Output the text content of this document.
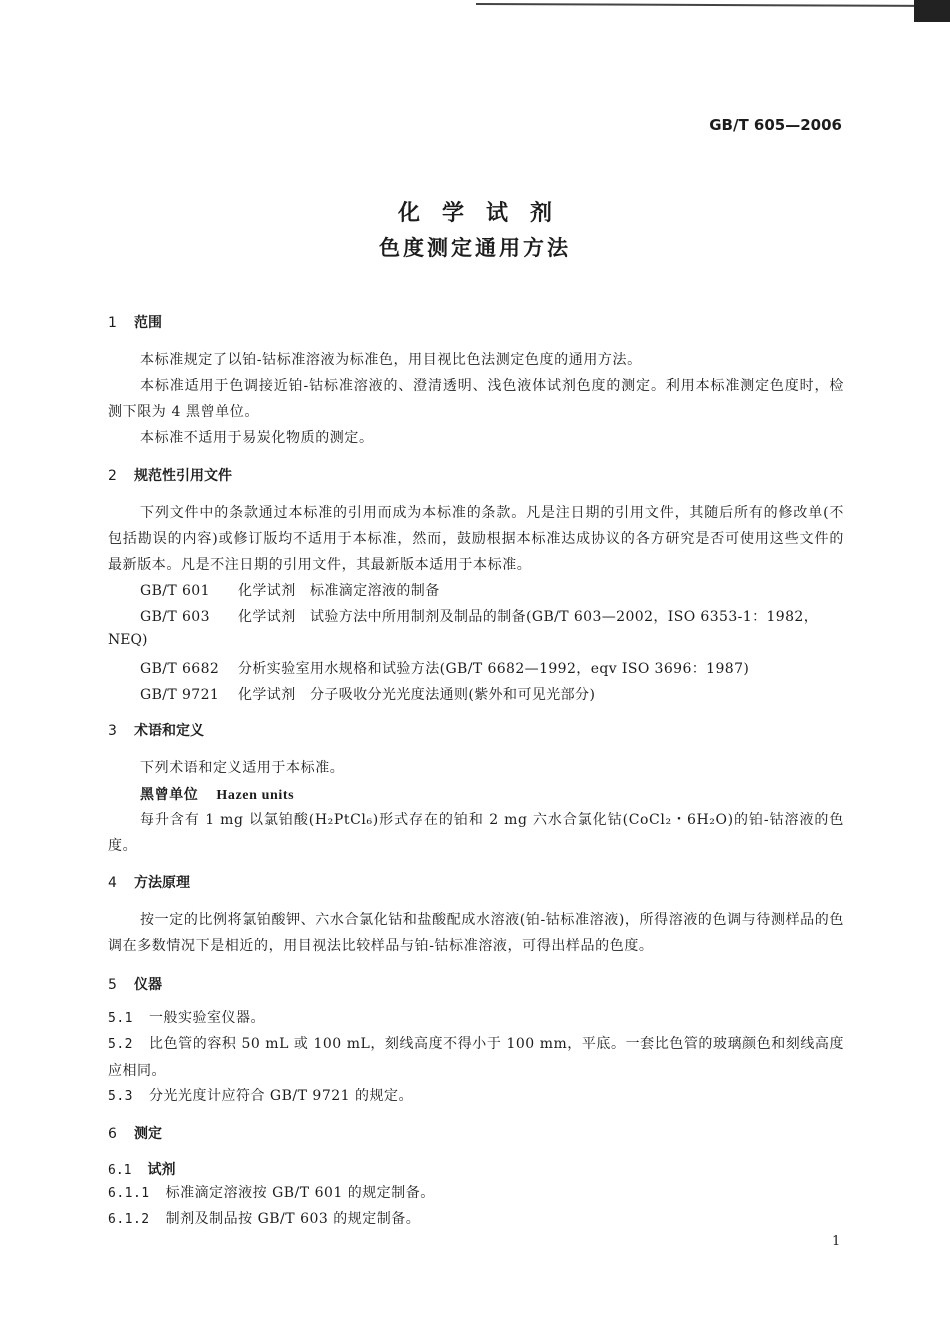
GB/T 605—2006
化学试剂
色度测定通用方法
1 范围
本标准规定了以铂-钴标准溶液为标准色，用目视比色法测定色度的通用方法。
本标准适用于色调接近铂-钴标准溶液的、澄清透明、浅色液体试剂色度的测定。利用本标准测定色度时，检测下限为 4 黑曾单位。
本标准不适用于易炭化物质的测定。
2 规范性引用文件
下列文件中的条款通过本标准的引用而成为本标准的条款。凡是注日期的引用文件，其随后所有的修改单(不包括勘误的内容)或修订版均不适用于本标准，然而，鼓励根据本标准达成协议的各方研究是否可使用这些文件的最新版本。凡是不注日期的引用文件，其最新版本适用于本标准。
GB/T 601 化学试剂　标准滴定溶液的制备
GB/T 603 化学试剂　试验方法中所用制剂及制品的制备(GB/T 603—2002，ISO 6353-1：1982，
NEQ)
GB/T 6682 分析实验室用水规格和试验方法(GB/T 6682—1992，eqv ISO 3696：1987)
GB/T 9721 化学试剂　分子吸收分光光度法通则(紫外和可见光部分)
3 术语和定义
下列术语和定义适用于本标准。
黑曾单位 Hazen units
每升含有 1 mg 以氯铂酸(H₂PtCl₆)形式存在的铂和 2 mg 六水合氯化钴(CoCl₂・6H₂O)的铂-钴溶液的色度。
4 方法原理
按一定的比例将氯铂酸钾、六水合氯化钴和盐酸配成水溶液(铂-钴标准溶液)，所得溶液的色调与待测样品的色调在多数情况下是相近的，用目视法比较样品与铂-钴标准溶液，可得出样品的色度。
5 仪器
5.1 一般实验室仪器。
5.2 比色管的容积 50 mL 或 100 mL，刻线高度不得小于 100 mm，平底。一套比色管的玻璃颜色和刻线高度应相同。
5.3 分光光度计应符合 GB/T 9721 的规定。
6 测定
6.1 试剂
6.1.1 标准滴定溶液按 GB/T 601 的规定制备。
6.1.2 制剂及制品按 GB/T 603 的规定制备。
1
